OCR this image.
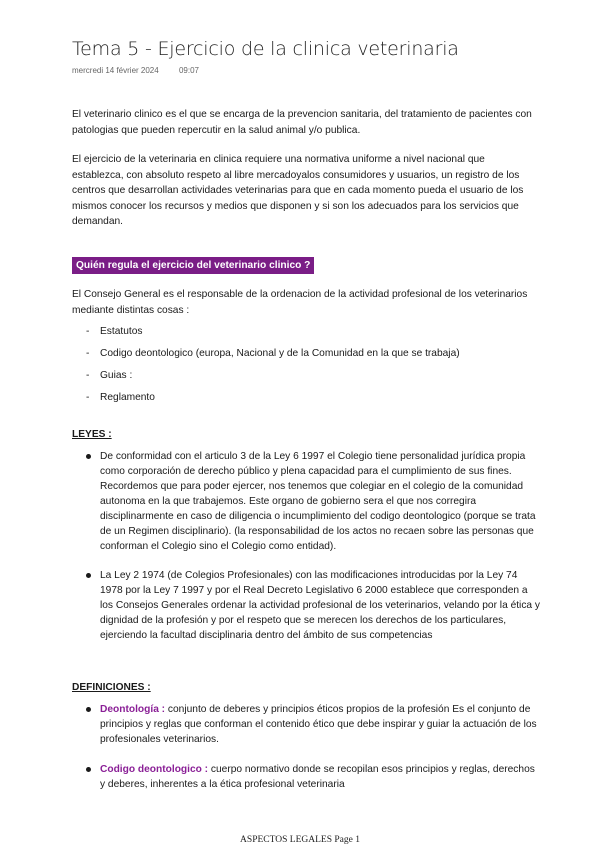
Tema 5 - Ejercicio de la clinica veterinaria
mercredi 14 février 2024	09:07
El veterinario clinico es el que se encarga de la prevencion sanitaria, del tratamiento de pacientes con patologias que pueden repercutir en la salud animal y/o publica.
El ejercicio de la veterinaria en clinica requiere una normativa uniforme a nivel nacional que establezca, con absoluto respeto al libre mercadoyalos consumidores y usuarios, un registro de los centros que desarrollan actividades veterinarias para que en cada momento pueda el usuario de los mismos conocer los recursos y medios que disponen y si son los adecuados para los servicios que demandan.
Quién regula el ejercicio del veterinario clinico ?
El Consejo General es el responsable de la ordenacion de la actividad profesional de los veterinarios mediante distintas cosas :
- Estatutos
- Codigo deontologico (europa, Nacional y de la Comunidad en la que se trabaja)
- Guias :
- Reglamento
LEYES :
De conformidad con el articulo 3 de la Ley 6 1997 el Colegio tiene personalidad jurídica propia como corporación de derecho público y plena capacidad para el cumplimiento de sus fines. Recordemos que para poder ejercer, nos tenemos que colegiar en el colegio de la comunidad autonoma en la que trabajemos. Este organo de gobierno sera el que nos corregira disciplinarmente en caso de diligencia o incumplimiento del codigo deontologico (porque se trata de un Regimen disciplinario). (la responsabilidad de los actos no recaen sobre las personas que conforman el Colegio sino el Colegio como entidad).
La Ley 2 1974 (de Colegios Profesionales) con las modificaciones introducidas por la Ley 74 1978 por la Ley 7 1997 y por el Real Decreto Legislativo 6 2000 establece que corresponden a los Consejos Generales ordenar la actividad profesional de los veterinarios, velando por la ética y dignidad de la profesión y por el respeto que se merecen los derechos de los particulares, ejerciendo la facultad disciplinaria dentro del ámbito de sus competencias
DEFINICIONES :
Deontología : conjunto de deberes y principios éticos propios de la profesión Es el conjunto de principios y reglas que conforman el contenido ético que debe inspirar y guiar la actuación de los profesionales veterinarios.
Codigo deontologico : cuerpo normativo donde se recopilan esos principios y reglas, derechos y deberes, inherentes a la ética profesional veterinaria
ASPECTOS LEGALES Page 1
